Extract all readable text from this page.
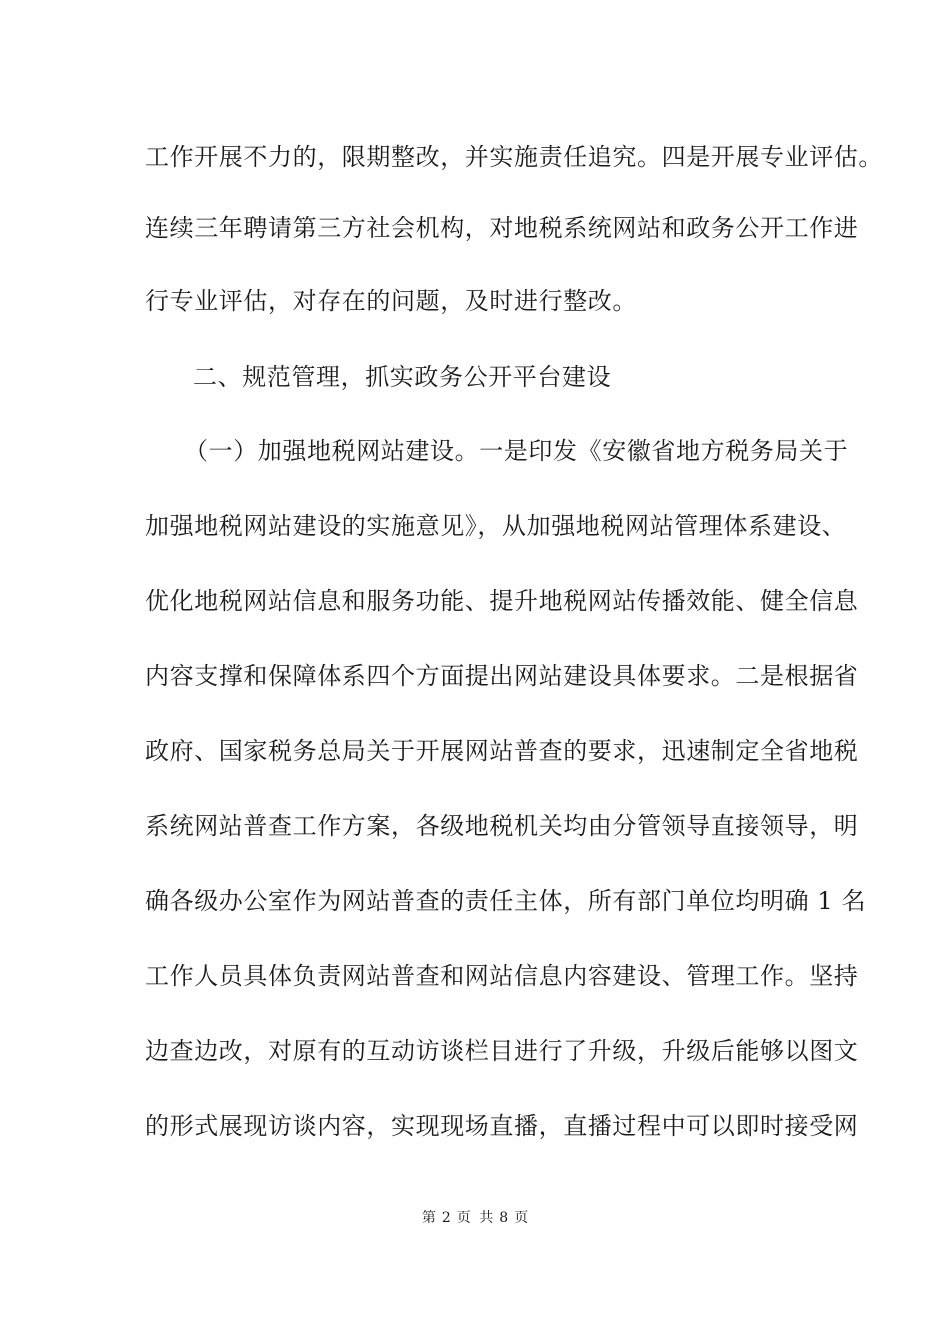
工作开展不力的，限期整改，并实施责任追究。四是开展专业评估。
连续三年聘请第三方社会机构，对地税系统网站和政务公开工作进
行专业评估，对存在的问题，及时进行整改。
二、规范管理，抓实政务公开平台建设
（一）加强地税网站建设。一是印发《安徽省地方税务局关于
加强地税网站建设的实施意见》，从加强地税网站管理体系建设、
优化地税网站信息和服务功能、提升地税网站传播效能、健全信息
内容支撑和保障体系四个方面提出网站建设具体要求。二是根据省
政府、国家税务总局关于开展网站普查的要求，迅速制定全省地税
系统网站普查工作方案，各级地税机关均由分管领导直接领导，明
确各级办公室作为网站普查的责任主体，所有部门单位均明确 1 名
工作人员具体负责网站普查和网站信息内容建设、管理工作。坚持
边查边改，对原有的互动访谈栏目进行了升级，升级后能够以图文
的形式展现访谈内容，实现现场直播，直播过程中可以即时接受网
第 2 页 共 8 页
